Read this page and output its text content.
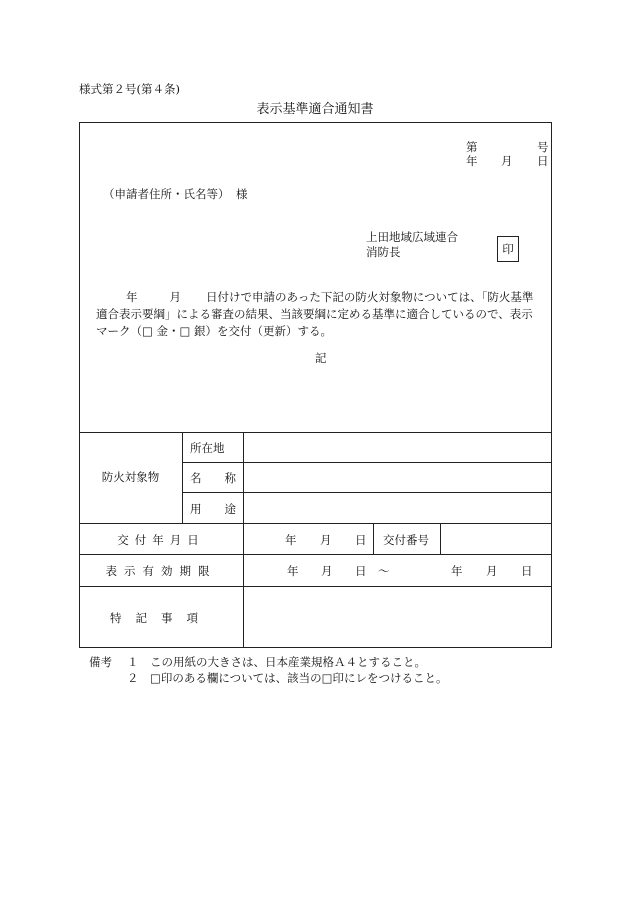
様式第２号(第４条)
表示基準適合通知書
第	号
年 月 日
（申請者住所・氏名等） 様
上田地域広域連合
消防長	印
年	月 日付けで申請のあった下記の防火対象物については、「防火基準適合表示要綱」による審査の結果、当該要綱に定める基準に適合しているので、表示マーク（□ 金・□ 銀）を交付（更新）する。
記
防火対象物
所在地
名称
用途
交付年月日	年 月 日 交付番号
表示有効期限	年 月 日 ～	年 月 日
特記事項
備考 １ この用紙の大きさは、日本産業規格Ａ４とすること。
２ □印のある欄については、該当の□印にレをつけること。
